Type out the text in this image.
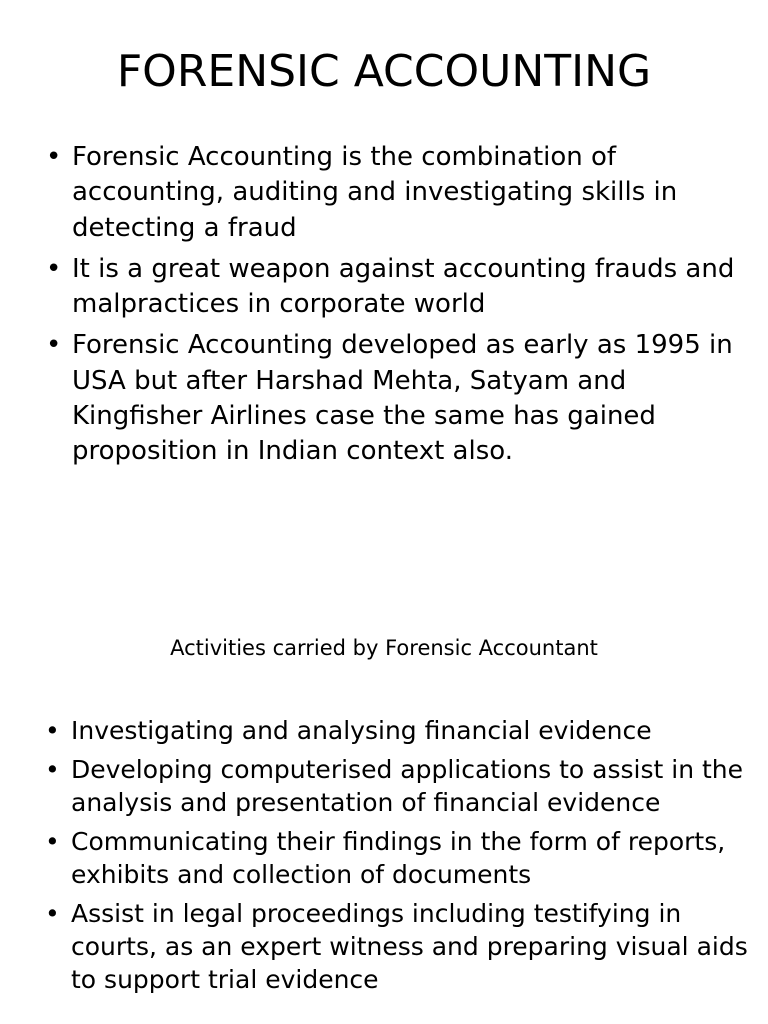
FORENSIC ACCOUNTING
• Forensic Accounting is the combination of accounting, auditing and investigating skills in detecting a fraud
• It is a great weapon against accounting frauds and malpractices in corporate world
• Forensic Accounting developed as early as 1995 in USA but after Harshad Mehta, Satyam and Kingfisher Airlines case the same has gained proposition in Indian context also.
Activities carried by Forensic Accountant
• Investigating and analysing financial evidence
• Developing computerised applications to assist in the analysis and presentation of financial evidence
• Communicating their findings in the form of reports, exhibits and collection of documents
• Assist in legal proceedings including testifying in courts, as an expert witness and preparing visual aids to support trial evidence
